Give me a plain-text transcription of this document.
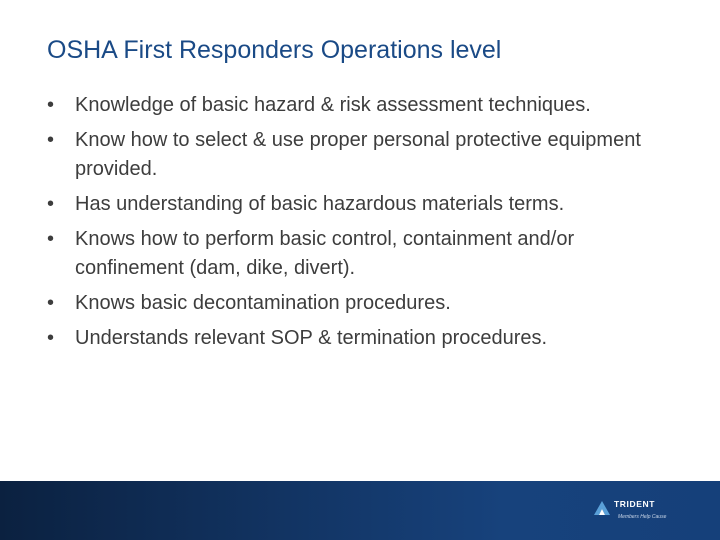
OSHA First Responders Operations level
•	Knowledge of basic hazard & risk assessment techniques.
•	Know how to select & use proper personal protective equipment provided.
•	Has understanding of basic hazardous materials terms.
•	Knows how to perform basic control, containment and/or confinement (dam, dike, divert).
•	Knows basic decontamination procedures.
•	Understands relevant SOP & termination procedures.
TRIDENT
Members Help Cause
